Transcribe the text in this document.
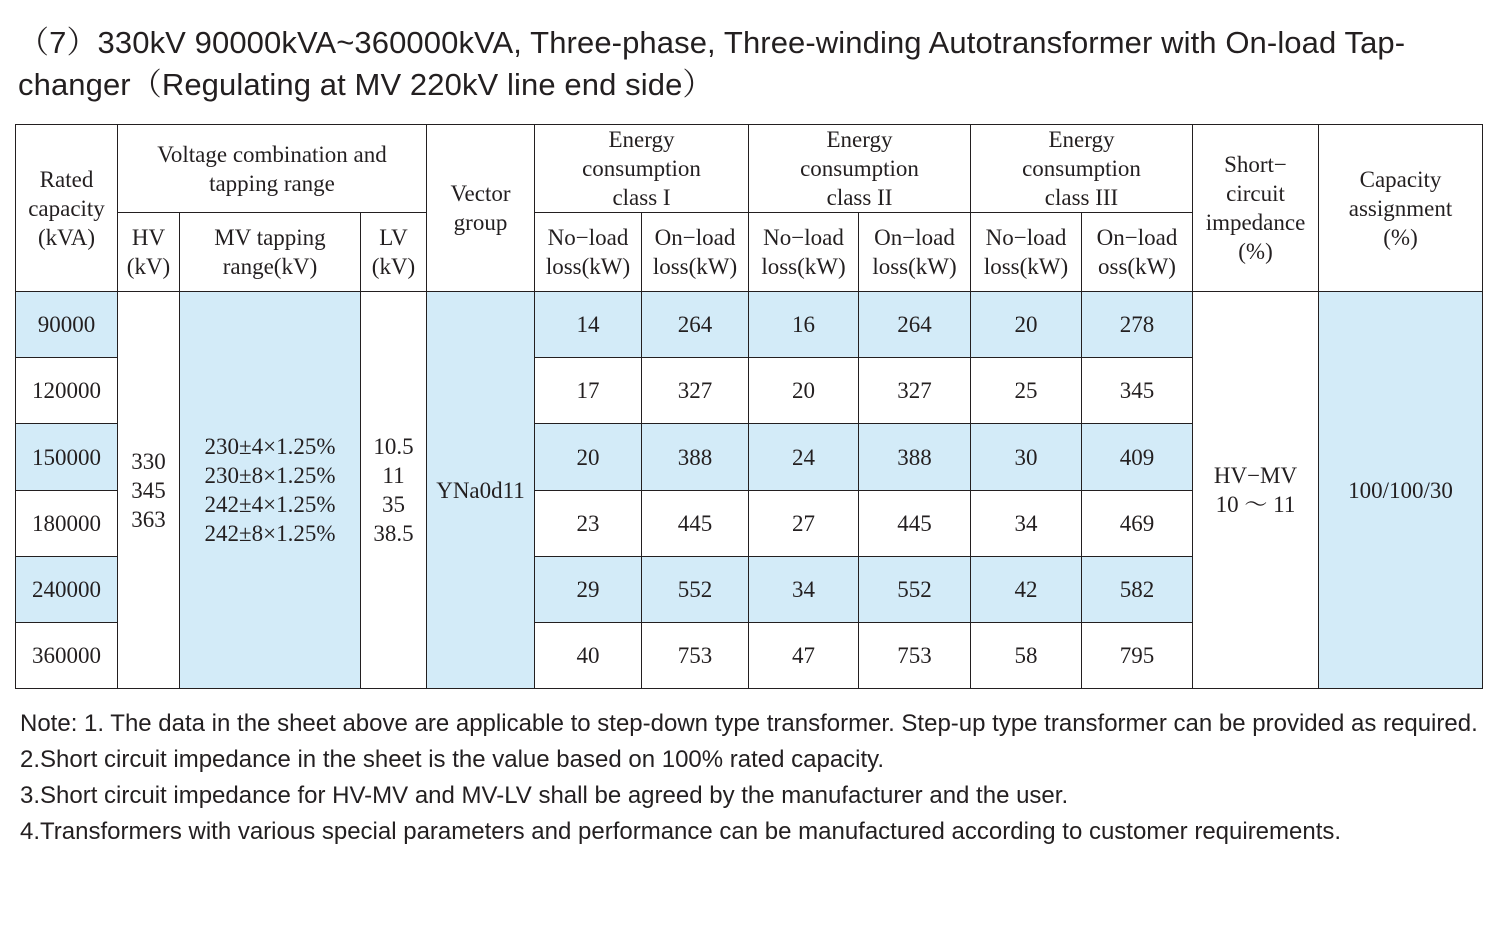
（7）330kV 90000kVA~360000kVA, Three-phase, Three-winding Autotransformer with On-load Tap-changer（Regulating at MV 220kV line end side）
Rated
capacity
(kVA)	Voltage combination and
tapping range			Vector
group	Energy
consumption
class I		Energy
consumption
class II		Energy
consumption
class III		Short−
circuit
impedance
(%)	Capacity
assignment
(%)
	HV
(kV)	MV tapping
range(kV)	LV
(kV)		No−load
loss(kW)	On−load
loss(kW)	No−load
loss(kW)	On−load
loss(kW)	No−load
loss(kW)	On−load
oss(kW)		
90000	330
345
363	230±4×1.25%
230±8×1.25%
242±4×1.25%
242±8×1.25%	10.5
11
35
38.5	YNa0d11	14	264	16	264	20	278	HV−MV
10 ～ 11	100/100/30
120000					17	327	20	327	25	345		
150000					20	388	24	388	30	409		
180000					23	445	27	445	34	469		
240000					29	552	34	552	42	582		
360000					40	753	47	753	58	795		

Note: 1. The data in the sheet above are applicable to step-down type transformer. Step-up type transformer can be provided as required.

2.Short circuit impedance in the sheet is the value based on 100% rated capacity.

3.Short circuit impedance for HV-MV and MV-LV shall be agreed by the manufacturer and the user.

4.Transformers with various special parameters and performance can be manufactured according to customer requirements.
